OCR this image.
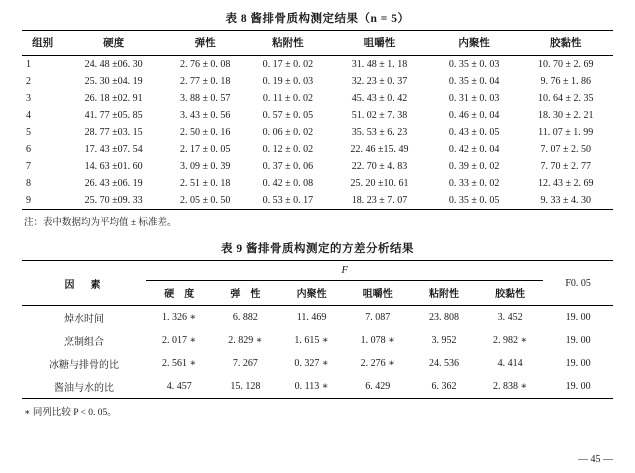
表 8 酱排骨质构测定结果（n = 5）
组别	硬度	弹性	粘附性	咀嚼性	内聚性	胶黏性
1	24. 48 ±06. 30	2. 76 ± 0. 08	0. 17 ± 0. 02	31. 48 ± 1. 18	0. 35 ± 0. 03	10. 70 ± 2. 69
2	25. 30 ±04. 19	2. 77 ± 0. 18	0. 19 ± 0. 03	32. 23 ± 0. 37	0. 35 ± 0. 04	9. 76 ± 1. 86
3	26. 18 ±02. 91	3. 88 ± 0. 57	0. 11 ± 0. 02	45. 43 ± 0. 42	0. 31 ± 0. 03	10. 64 ± 2. 35
4	41. 77 ±05. 85	3. 43 ± 0. 56	0. 57 ± 0. 05	51. 02 ± 7. 38	0. 46 ± 0. 04	18. 30 ± 2. 21
5	28. 77 ±03. 15	2. 50 ± 0. 16	0. 06 ± 0. 02	35. 53 ± 6. 23	0. 43 ± 0. 05	11. 07 ± 1. 99
6	17. 43 ±07. 54	2. 17 ± 0. 05	0. 12 ± 0. 02	22. 46 ±15. 49	0. 42 ± 0. 04	7. 07 ± 2. 50
7	14. 63 ±01. 60	3. 09 ± 0. 39	0. 37 ± 0. 06	22. 70 ± 4. 83	0. 39 ± 0. 02	7. 70 ± 2. 77
8	26. 43 ±06. 19	2. 51 ± 0. 18	0. 42 ± 0. 08	25. 20 ±10. 61	0. 33 ± 0. 02	12. 43 ± 2. 69
9	25. 70 ±09. 33	2. 05 ± 0. 50	0. 53 ± 0. 17	18. 23 ± 7. 07	0. 35 ± 0. 05	9. 33 ± 4. 30
注：表中数据均为平均值 ± 标准差。
表 9 酱排骨质构测定的方差分析结果
因　素	F						F0. 05
	硬　度	弹　性	内聚性	咀嚼性	粘附性	胶黏性	
焯水时间	1. 326 ∗	6. 882	11. 469	7. 087	23. 808	3. 452	19. 00
烹制组合	2. 017 ∗	2. 829 ∗	1. 615 ∗	1. 078 ∗	3. 952	2. 982 ∗	19. 00
冰糖与排骨的比	2. 561 ∗	7. 267	0. 327 ∗	2. 276 ∗	24. 536	4. 414	19. 00
酱油与水的比	4. 457	15. 128	0. 113 ∗	6. 429	6. 362	2. 838 ∗	19. 00
∗ 同列比较 P < 0. 05。
— 45 —
